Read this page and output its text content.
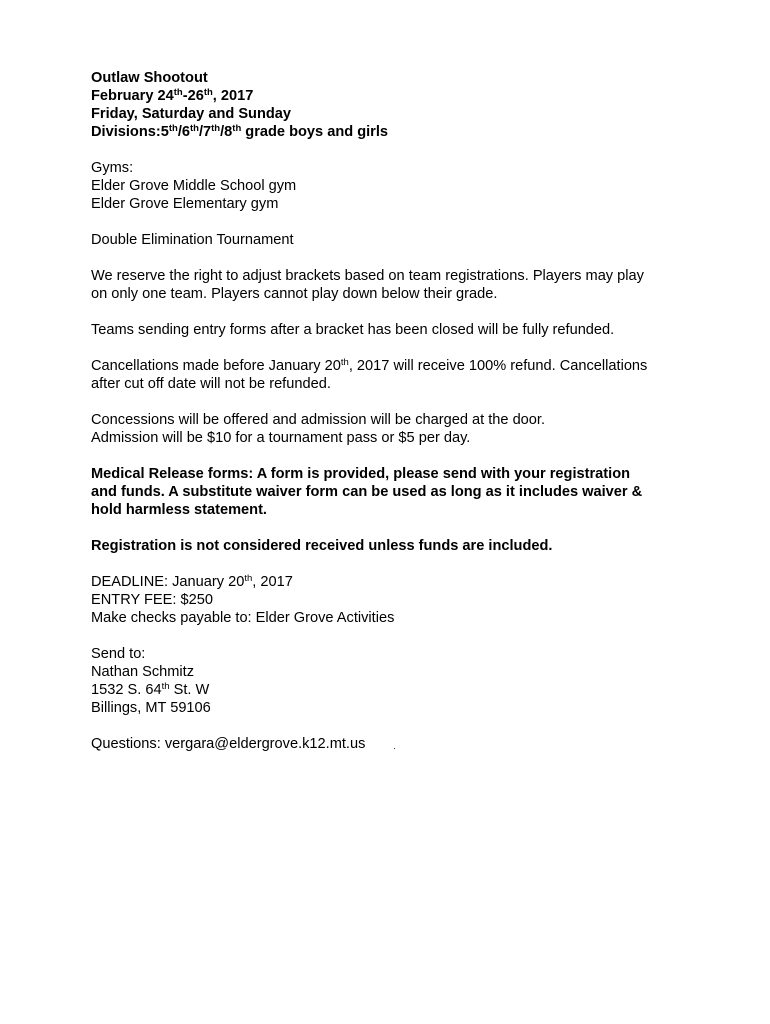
Outlaw Shootout
February 24th-26th, 2017
Friday, Saturday and Sunday
Divisions:5th/6th/7th/8th grade boys and girls
Gyms:
Elder Grove Middle School gym
Elder Grove Elementary gym
Double Elimination Tournament
We reserve the right to adjust brackets based on team registrations. Players may play
on only one team. Players cannot play down below their grade.
Teams sending entry forms after a bracket has been closed will be fully refunded.
Cancellations made before January 20th, 2017 will receive 100% refund. Cancellations
after cut off date will not be refunded.
Concessions will be offered and admission will be charged at the door.
Admission will be $10 for a tournament pass or $5 per day.
Medical Release forms: A form is provided, please send with your registration
and funds. A substitute waiver form can be used as long as it includes waiver &
hold harmless statement.
Registration is not considered received unless funds are included.
DEADLINE: January 20th, 2017
ENTRY FEE: $250
Make checks payable to: Elder Grove Activities
Send to:
Nathan Schmitz
1532 S. 64th St. W
Billings, MT 59106
Questions: vergara@eldergrove.k12.mt.us	.
